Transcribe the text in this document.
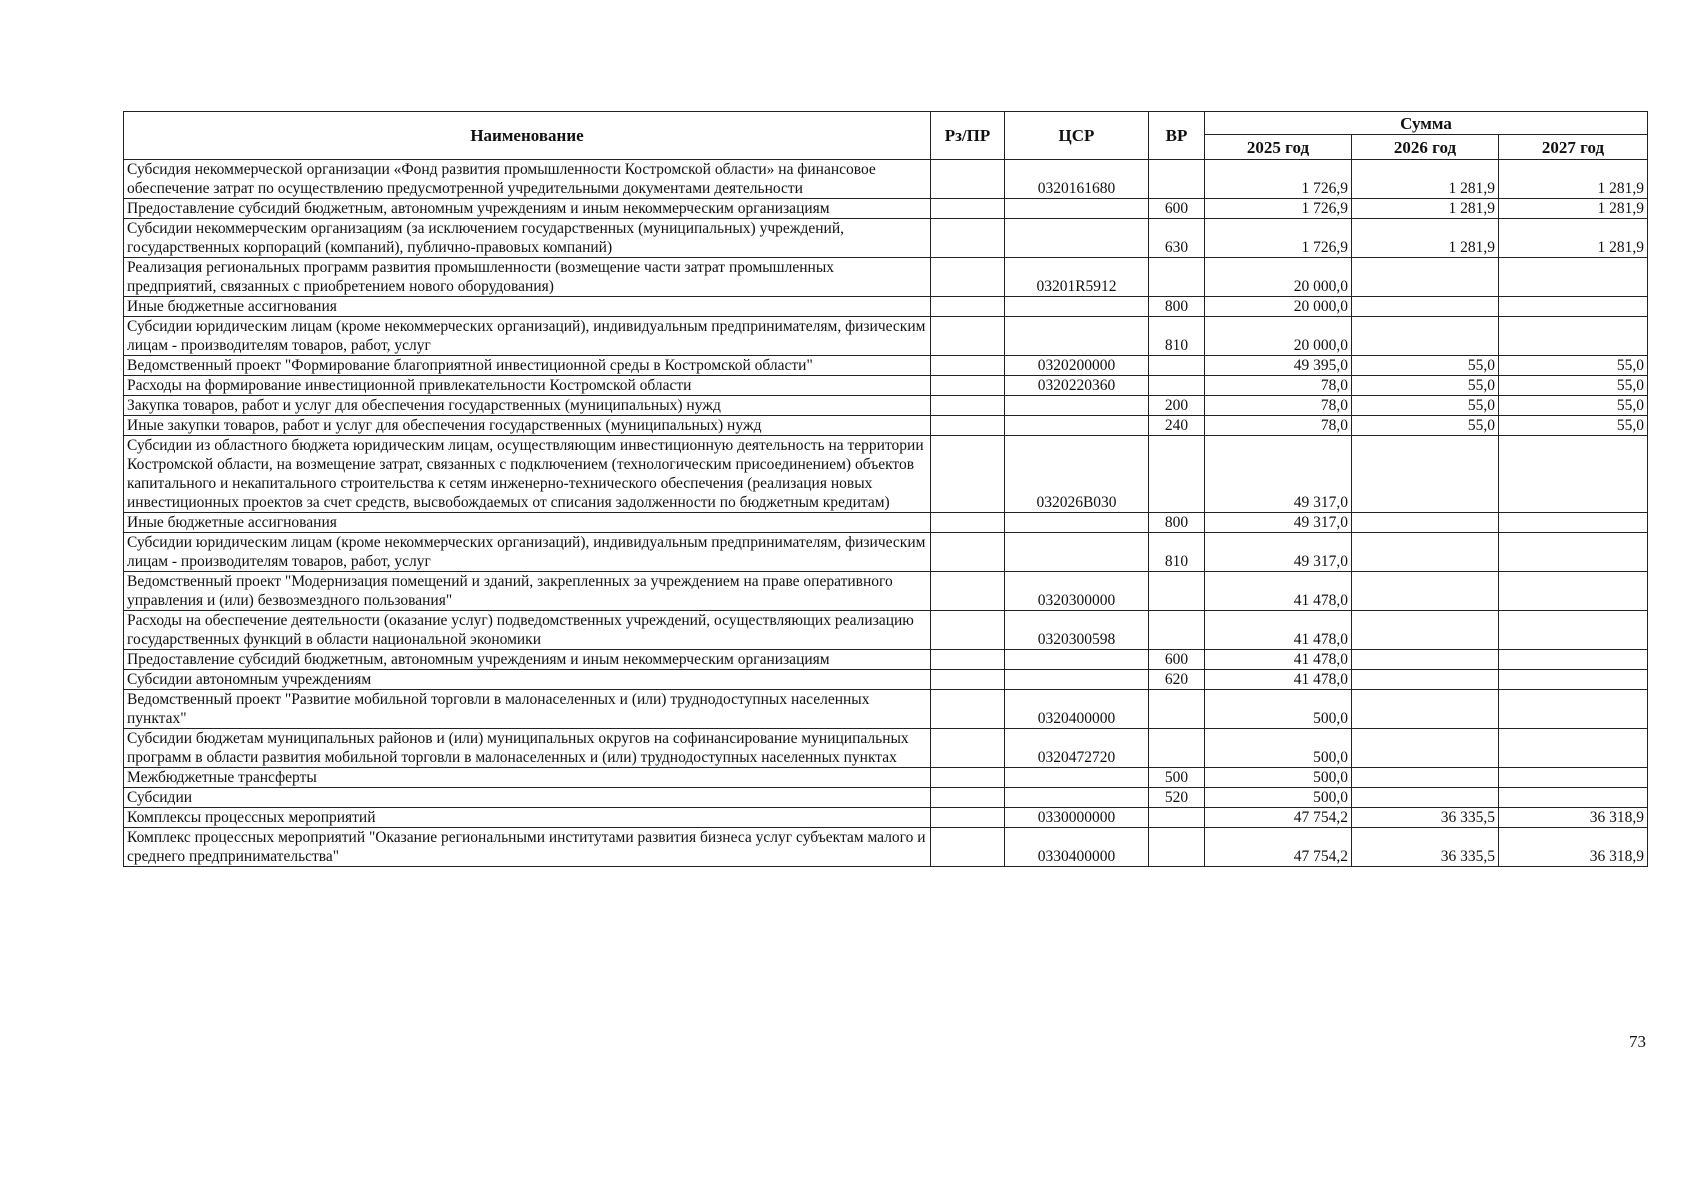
Наименование	Рз/ПР	ЦСР	ВР	Сумма		
				2025 год	2026 год	2027 год
Субсидия некоммерческой организации «Фонд развития промышленности Костромской области» на финансовое обеспечение затрат по осуществлению предусмотренной учредительными документами деятельности		0320161680		1 726,9	1 281,9	1 281,9
Предоставление субсидий бюджетным, автономным учреждениям и иным некоммерческим организациям			600	1 726,9	1 281,9	1 281,9
Субсидии некоммерческим организациям (за исключением государственных (муниципальных) учреждений, государственных корпораций (компаний), публично-правовых компаний)			630	1 726,9	1 281,9	1 281,9
Реализация региональных программ развития промышленности (возмещение части затрат промышленных предприятий, связанных с приобретением нового оборудования)		03201R5912		20 000,0		
Иные бюджетные ассигнования			800	20 000,0		
Субсидии юридическим лицам (кроме некоммерческих организаций), индивидуальным предпринимателям, физическим лицам - производителям товаров, работ, услуг			810	20 000,0		
Ведомственный проект "Формирование благоприятной инвестиционной среды в Костромской области"		0320200000		49 395,0	55,0	55,0
Расходы на формирование инвестиционной привлекательности Костромской области		0320220360		78,0	55,0	55,0
Закупка товаров, работ и услуг для обеспечения государственных (муниципальных) нужд			200	78,0	55,0	55,0
Иные закупки товаров, работ и услуг для обеспечения государственных (муниципальных) нужд			240	78,0	55,0	55,0
Субсидии из областного бюджета юридическим лицам, осуществляющим инвестиционную деятельность на территории Костромской области, на возмещение затрат, связанных с подключением (технологическим присоединением) объектов капитального и некапитального строительства к сетям инженерно-технического обеспечения (реализация новых инвестиционных проектов за счет средств, высвобождаемых от списания задолженности по бюджетным кредитам)		032026B030		49 317,0		
Иные бюджетные ассигнования			800	49 317,0		
Субсидии юридическим лицам (кроме некоммерческих организаций), индивидуальным предпринимателям, физическим лицам - производителям товаров, работ, услуг			810	49 317,0		
Ведомственный проект "Модернизация помещений и зданий, закрепленных за учреждением на праве оперативного управления и (или) безвозмездного пользования"		0320300000		41 478,0		
Расходы на обеспечение деятельности (оказание услуг) подведомственных учреждений, осуществляющих реализацию государственных функций в области национальной экономики		0320300598		41 478,0		
Предоставление субсидий бюджетным, автономным учреждениям и иным некоммерческим организациям			600	41 478,0		
Субсидии автономным учреждениям			620	41 478,0		
Ведомственный проект "Развитие мобильной торговли в малонаселенных и (или) труднодоступных населенных пунктах"		0320400000		500,0		
Субсидии бюджетам муниципальных районов и (или) муниципальных округов на софинансирование муниципальных программ в области развития мобильной торговли в малонаселенных и (или) труднодоступных населенных пунктах		0320472720		500,0		
Межбюджетные трансферты			500	500,0		
Субсидии			520	500,0		
Комплексы процессных мероприятий		0330000000		47 754,2	36 335,5	36 318,9
Комплекс процессных мероприятий "Оказание региональными институтами развития бизнеса услуг субъектам малого и среднего предпринимательства"		0330400000		47 754,2	36 335,5	36 318,9
73
